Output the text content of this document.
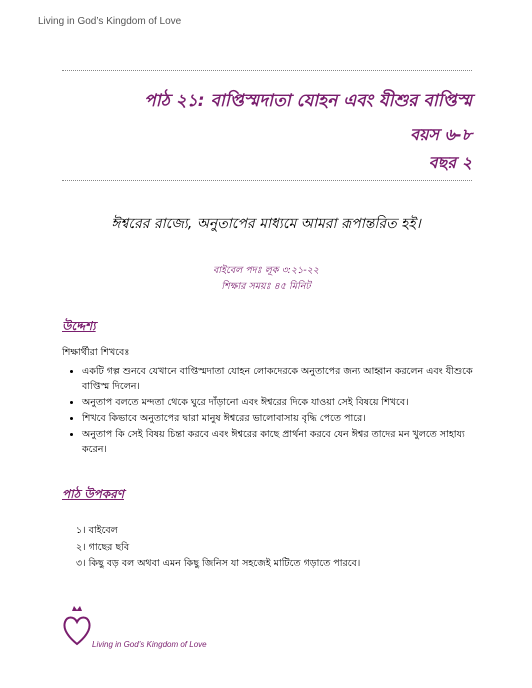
Living in God’s Kingdom of Love
পাঠ ২১: বাপ্তিস্মদাতা যোহন এবং যীশুর বাপ্তিস্ম
বয়স ৬-৮
বছর ২
ঈশ্বরের রাজ্যে, অনুতাপের মাধ্যমে আমরা রূপান্তরিত হই।
বাইবেল পদঃ লূক ৩:২১-২২
শিক্ষার সময়ঃ ৪৫ মিনিট
উদ্দেশ্য
শিক্ষার্থীরা শিখবেঃ
• একটি গল্প শুনবে যেখানে বাপ্তিস্মদাতা যোহন লোকদেরকে অনুতাপের জন্য আহ্বান করলেন এবং যীশুকে বাপ্তিস্ম দিলেন।
• অনুতাপ বলতে মন্দতা থেকে ঘুরে দাঁড়ানো এবং ঈশ্বরের দিকে যাওয়া সেই বিষয়ে শিখবে।
• শিখবে কিভাবে অনুতাপের দ্বারা মানুষ ঈশ্বরের ভালোবাসায় বৃদ্ধি পেতে পারে।
• অনুতাপ কি সেই বিষয় চিন্তা করবে এবং ঈশ্বরের কাছে প্রার্থনা করবে যেন ঈশ্বর তাদের মন খুলতে সাহায্য করেন।
পাঠ উপকরণ
১। বাইবেল
২। গাছের ছবি
৩। কিছু বড় বল অথবা এমন কিছু জিনিস যা সহজেই মাটিতে গড়াতে পারবে।
Living in God’s Kingdom of Love
